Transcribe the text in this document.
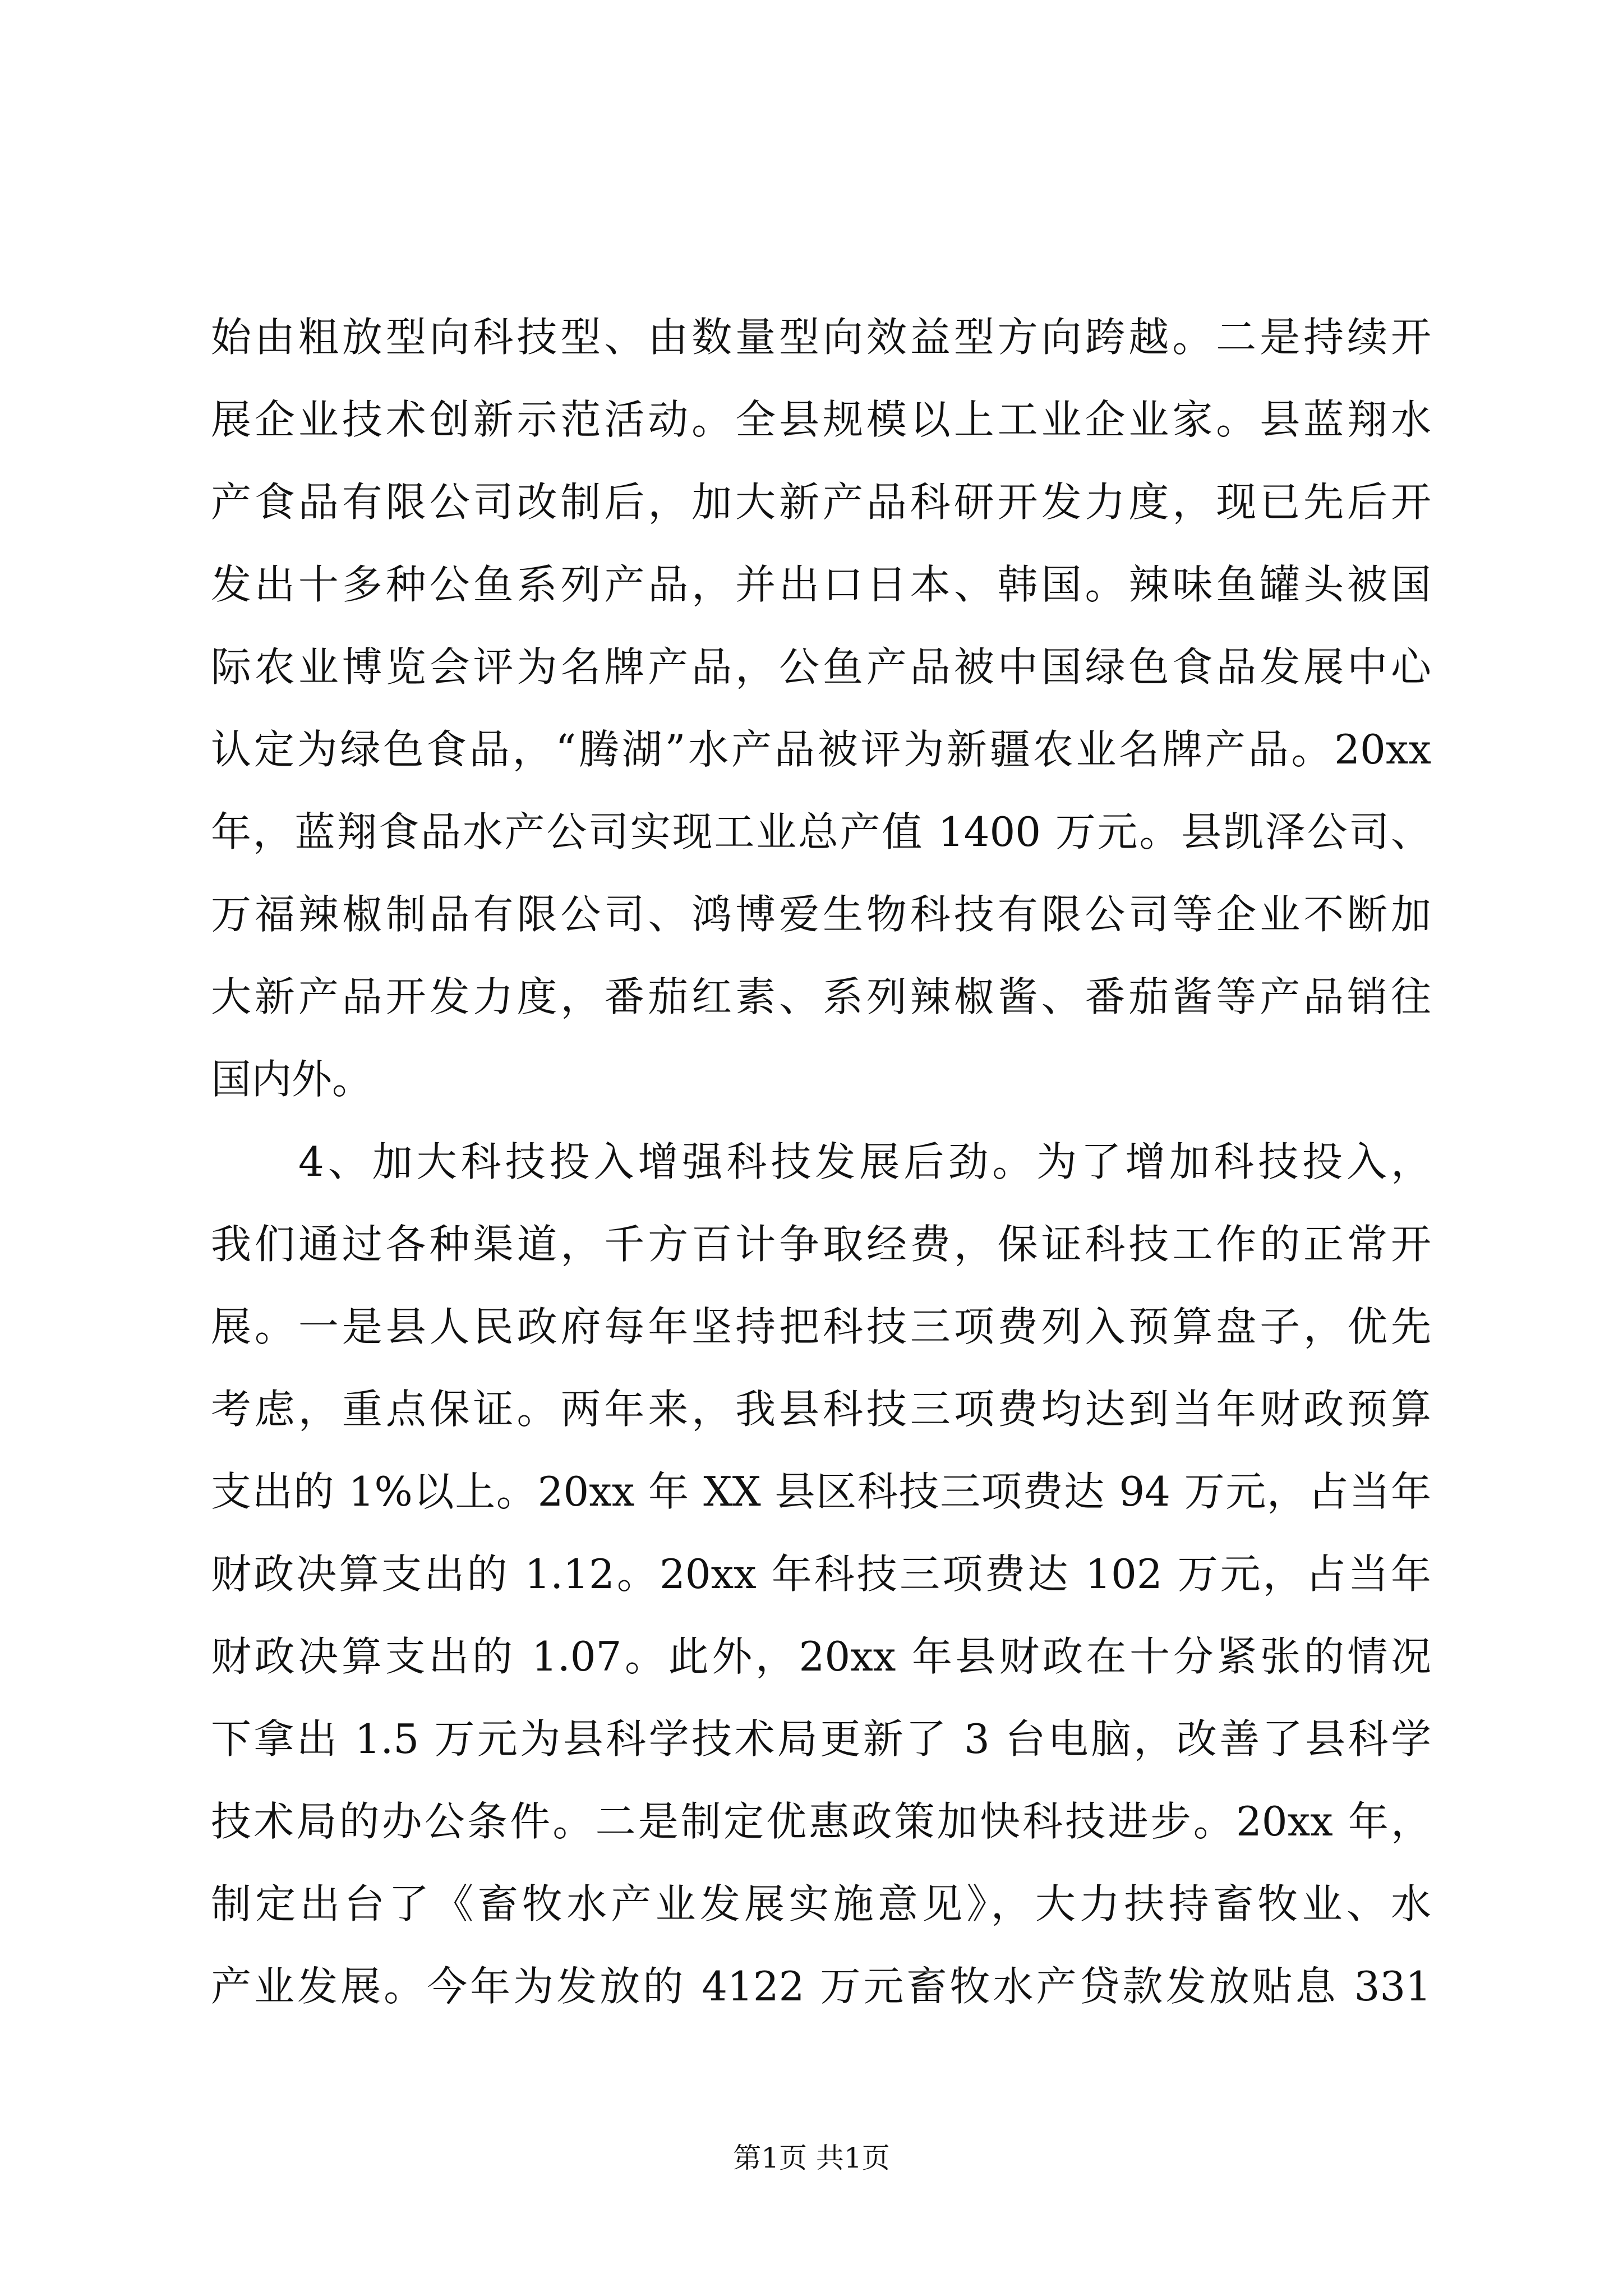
始由粗放型向科技型、由数量型向效益型方向跨越。二是持续开
展企业技术创新示范活动。全县规模以上工业企业家。县蓝翔水
产食品有限公司改制后，加大新产品科研开发力度，现已先后开
发出十多种公鱼系列产品，并出口日本、韩国。辣味鱼罐头被国
际农业博览会评为名牌产品，公鱼产品被中国绿色食品发展中心
认定为绿色食品，“腾湖”水产品被评为新疆农业名牌产品。20xx
年，蓝翔食品水产公司实现工业总产值 1400 万元。县凯泽公司、
万福辣椒制品有限公司、鸿博爱生物科技有限公司等企业不断加
大新产品开发力度，番茄红素、系列辣椒酱、番茄酱等产品销往
国内外。
4、加大科技投入增强科技发展后劲。为了增加科技投入，
我们通过各种渠道，千方百计争取经费，保证科技工作的正常开
展。一是县人民政府每年坚持把科技三项费列入预算盘子，优先
考虑，重点保证。两年来，我县科技三项费均达到当年财政预算
支出的 1%以上。20xx 年 XX 县区科技三项费达 94 万元，占当年
财政决算支出的 1.12。20xx 年科技三项费达 102 万元，占当年
财政决算支出的 1.07。此外，20xx 年县财政在十分紧张的情况
下拿出 1.5 万元为县科学技术局更新了 3 台电脑，改善了县科学
技术局的办公条件。二是制定优惠政策加快科技进步。20xx 年，
制定出台了《畜牧水产业发展实施意见》，大力扶持畜牧业、水
产业发展。今年为发放的 4122 万元畜牧水产贷款发放贴息 331
第1页 共1页
